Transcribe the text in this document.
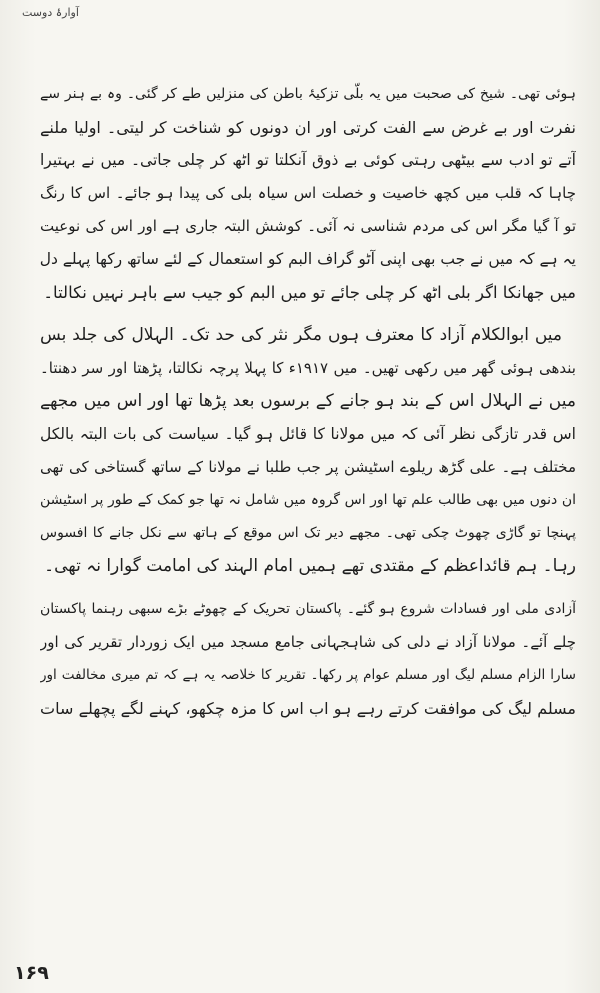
آوارۂ دوست
ہوئی تھی۔ شیخ کی صحبت میں یہ بلّی تزکیۂ باطن کی منزلیں طے کر گئی۔ وہ بے ہنر سے
نفرت اور بے غرض سے الفت کرتی اور ان دونوں کو شناخت کر لیتی۔ اولیا ملنے
آتے تو ادب سے بیٹھی رہتی کوئی بے ذوق آنکلتا تو اٹھ کر چلی جاتی۔ میں نے بہتیرا
چاہا کہ قلب میں کچھ خاصیت و خصلت اس سیاہ بلی کی پیدا ہو جائے۔ اس کا رنگ
تو آ گیا مگر اس کی مردم شناسی نہ آئی۔ کوشش البتہ جاری ہے اور اس کی نوعیت
یہ ہے کہ میں نے جب بھی اپنی آٹو گراف البم کو استعمال کے لئے ساتھ رکھا پہلے دل
میں جھانکا اگر بلی اٹھ کر چلی جائے تو میں البم کو جیب سے باہر نہیں نکالتا۔
میں ابوالکلام آزاد کا معترف ہوں مگر نثر کی حد تک۔ الہلال کی جلد بس
بندھی ہوئی گھر میں رکھی تھیں۔ میں ۱۹۱۷ء کا پہلا پرچہ نکالتا، پڑھتا اور سر دھنتا۔
میں نے الہلال اس کے بند ہو جانے کے برسوں بعد پڑھا تھا اور اس میں مجھے
اس قدر تازگی نظر آئی کہ میں مولانا کا قائل ہو گیا۔ سیاست کی بات البتہ بالکل
مختلف ہے۔ علی گڑھ ریلوے اسٹیشن پر جب طلبا نے مولانا کے ساتھ گستاخی کی تھی
ان دنوں میں بھی طالب علم تھا اور اس گروہ میں شامل نہ تھا جو کمک کے طور پر اسٹیشن
پہنچا تو گاڑی چھوٹ چکی تھی۔ مجھے دیر تک اس موقع کے ہاتھ سے نکل جانے کا افسوس
رہا۔ ہم قائداعظم کے مقتدی تھے ہمیں امام الہند کی امامت گوارا نہ تھی۔
آزادی ملی اور فسادات شروع ہو گئے۔ پاکستان تحریک کے چھوٹے بڑے سبھی رہنما پاکستان
چلے آئے۔ مولانا آزاد نے دلی کی شاہجہانی جامع مسجد میں ایک زوردار تقریر کی اور
سارا الزام مسلم لیگ اور مسلم عوام پر رکھا۔ تقریر کا خلاصہ یہ ہے کہ تم میری مخالفت اور
مسلم لیگ کی موافقت کرتے رہے ہو اب اس کا مزہ چکھو، کہنے لگے پچھلے سات
۱۶۹
